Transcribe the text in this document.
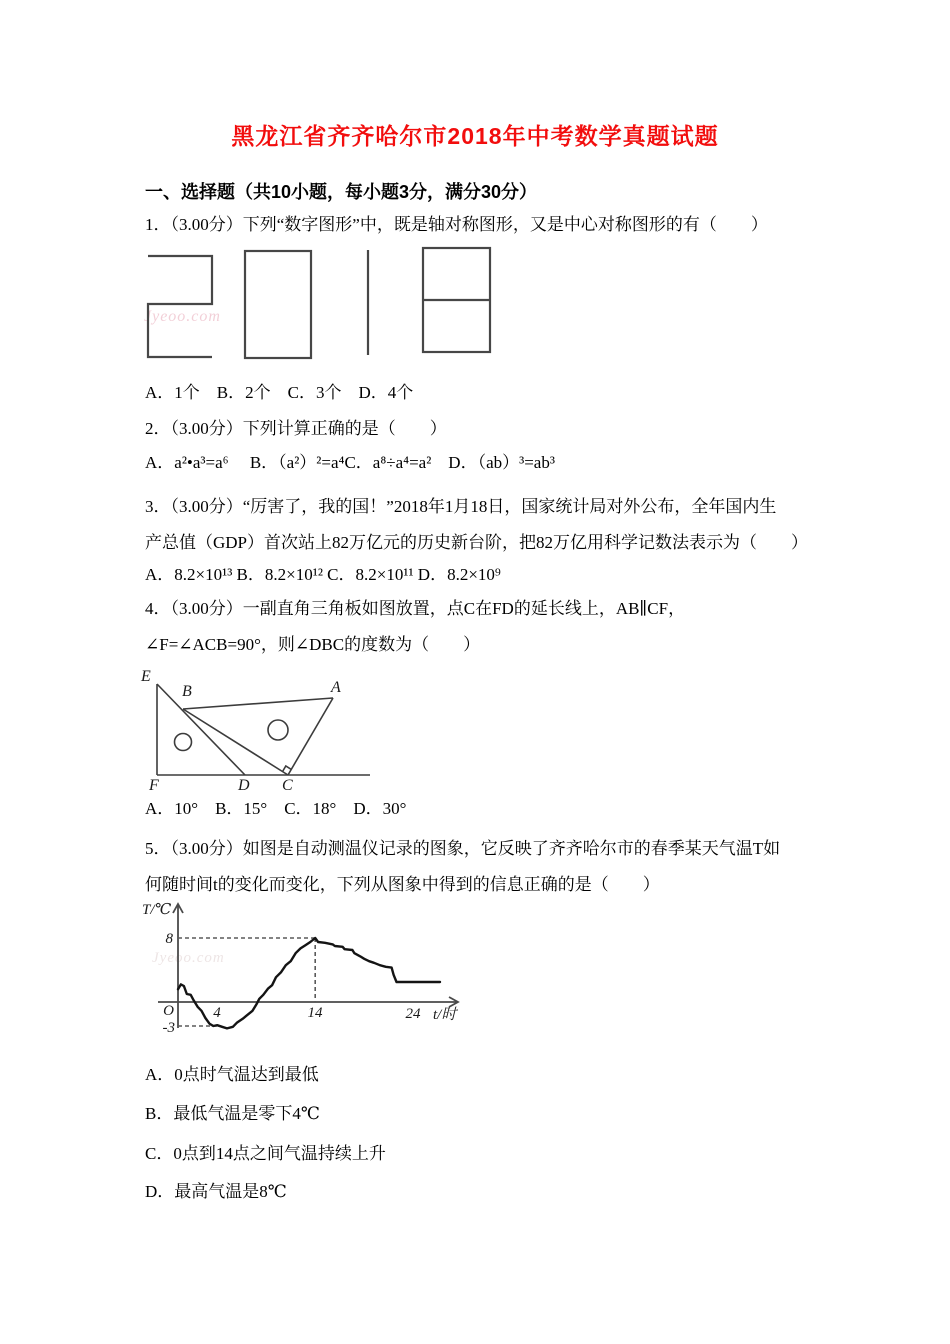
黑龙江省齐齐哈尔市2018年中考数学真题试题
一、选择题（共10小题，每小题3分，满分30分）
1．（3.00分）下列“数字图形”中，既是轴对称图形，又是中心对称图形的有（　　）
Jyeoo.com
A．1个　B．2个　C．3个　D．4个
2．（3.00分）下列计算正确的是（　　）
A．a²•a³=a⁶　 B．（a²）²=a⁴C．a⁸÷a⁴=a²　D．（ab）³=ab³
3．（3.00分）“厉害了，我的国！”2018年1月18日，国家统计局对外公布，全年国内生
产总值（GDP）首次站上82万亿元的历史新台阶，把82万亿用科学记数法表示为（　　）
A．8.2×10¹³ B．8.2×10¹² C．8.2×10¹¹ D．8.2×10⁹
4．（3.00分）一副直角三角板如图放置，点C在FD的延长线上，AB∥CF，
∠F=∠ACB=90°，则∠DBC的度数为（　　）
E
B	A
F	D C
A．10°　B．15°　C．18°　D．30°
5．（3.00分）如图是自动测温仪记录的图象，它反映了齐齐哈尔市的春季某天气温T如
何随时间t的变化而变化，下列从图象中得到的信息正确的是（　　）
Jyeoo.com
T/℃
t/时
O	4	14	24
8
-3
A．0点时气温达到最低
B．最低气温是零下4℃
C．0点到14点之间气温持续上升
D．最高气温是8℃
